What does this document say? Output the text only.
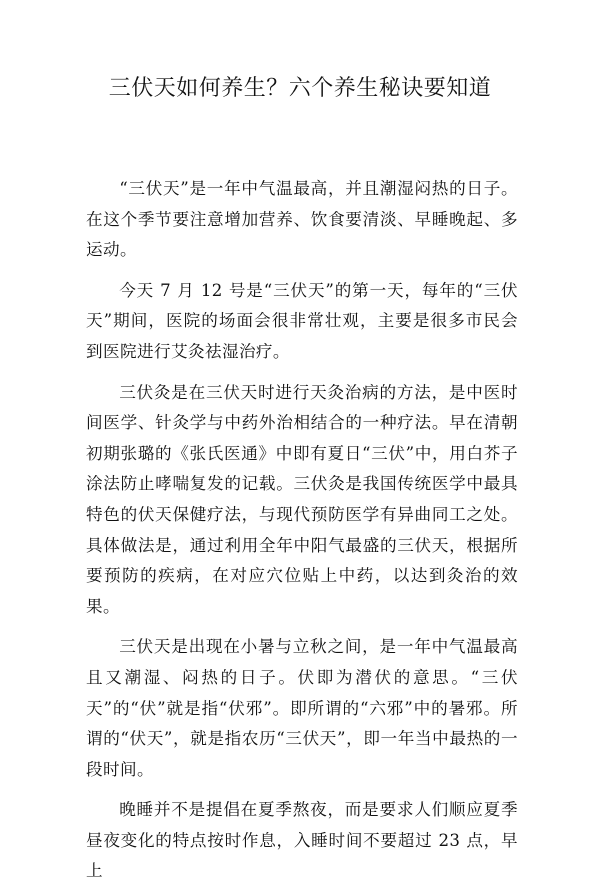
三伏天如何养生？六个养生秘诀要知道

“三伏天”是一年中气温最高，并且潮湿闷热的日子。在这个季节要注意增加营养、饮食要清淡、早睡晚起、多运动。

今天 7 月 12 号是“三伏天”的第一天，每年的“三伏天”期间，医院的场面会很非常壮观，主要是很多市民会到医院进行艾灸祛湿治疗。

三伏灸是在三伏天时进行天灸治病的方法，是中医时间医学、针灸学与中药外治相结合的一种疗法。早在清朝初期张璐的《张氏医通》中即有夏日“三伏”中，用白芥子涂法防止哮喘复发的记载。三伏灸是我国传统医学中最具特色的伏天保健疗法，与现代预防医学有异曲同工之处。具体做法是，通过利用全年中阳气最盛的三伏天，根据所要预防的疾病，在对应穴位贴上中药，以达到灸治的效果。

三伏天是出现在小暑与立秋之间，是一年中气温最高且又潮湿、闷热的日子。伏即为潜伏的意思。“三伏天”的“伏”就是指“伏邪”。即所谓的“六邪”中的暑邪。所谓的“伏天”，就是指农历“三伏天”，即一年当中最热的一段时间。

晚睡并不是提倡在夏季熬夜，而是要求人们顺应夏季昼夜变化的特点按时作息，入睡时间不要超过 23 点，早上
